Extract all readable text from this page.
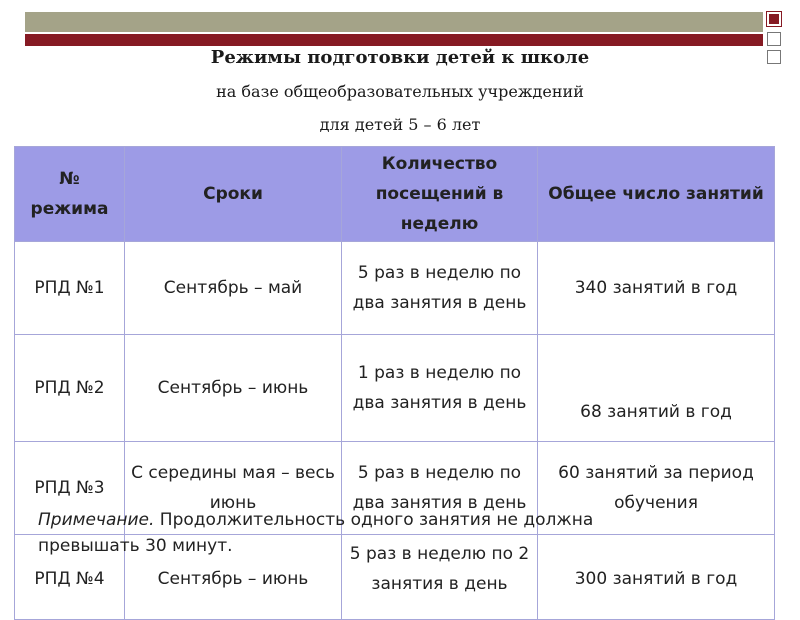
Режимы подготовки детей к школе
на базе общеобразовательных учреждений
для детей 5 – 6 лет
№ режима	Сроки	Количество посещений в неделю	Общее число занятий
РПД №1	Сентябрь – май	5 раз в неделю по два занятия в день	340 занятий в год
РПД №2	Сентябрь – июнь	1 раз в неделю по два занятия в день	68 занятий в год
РПД №3	С середины мая – весь июнь	5 раз в неделю по два занятия в день	60 занятий за период обучения
РПД №4	Сентябрь – июнь	5 раз в неделю по 2 занятия в день	300 занятий в год
Примечание. Продолжительность одного занятия не должна превышать 30 минут.
